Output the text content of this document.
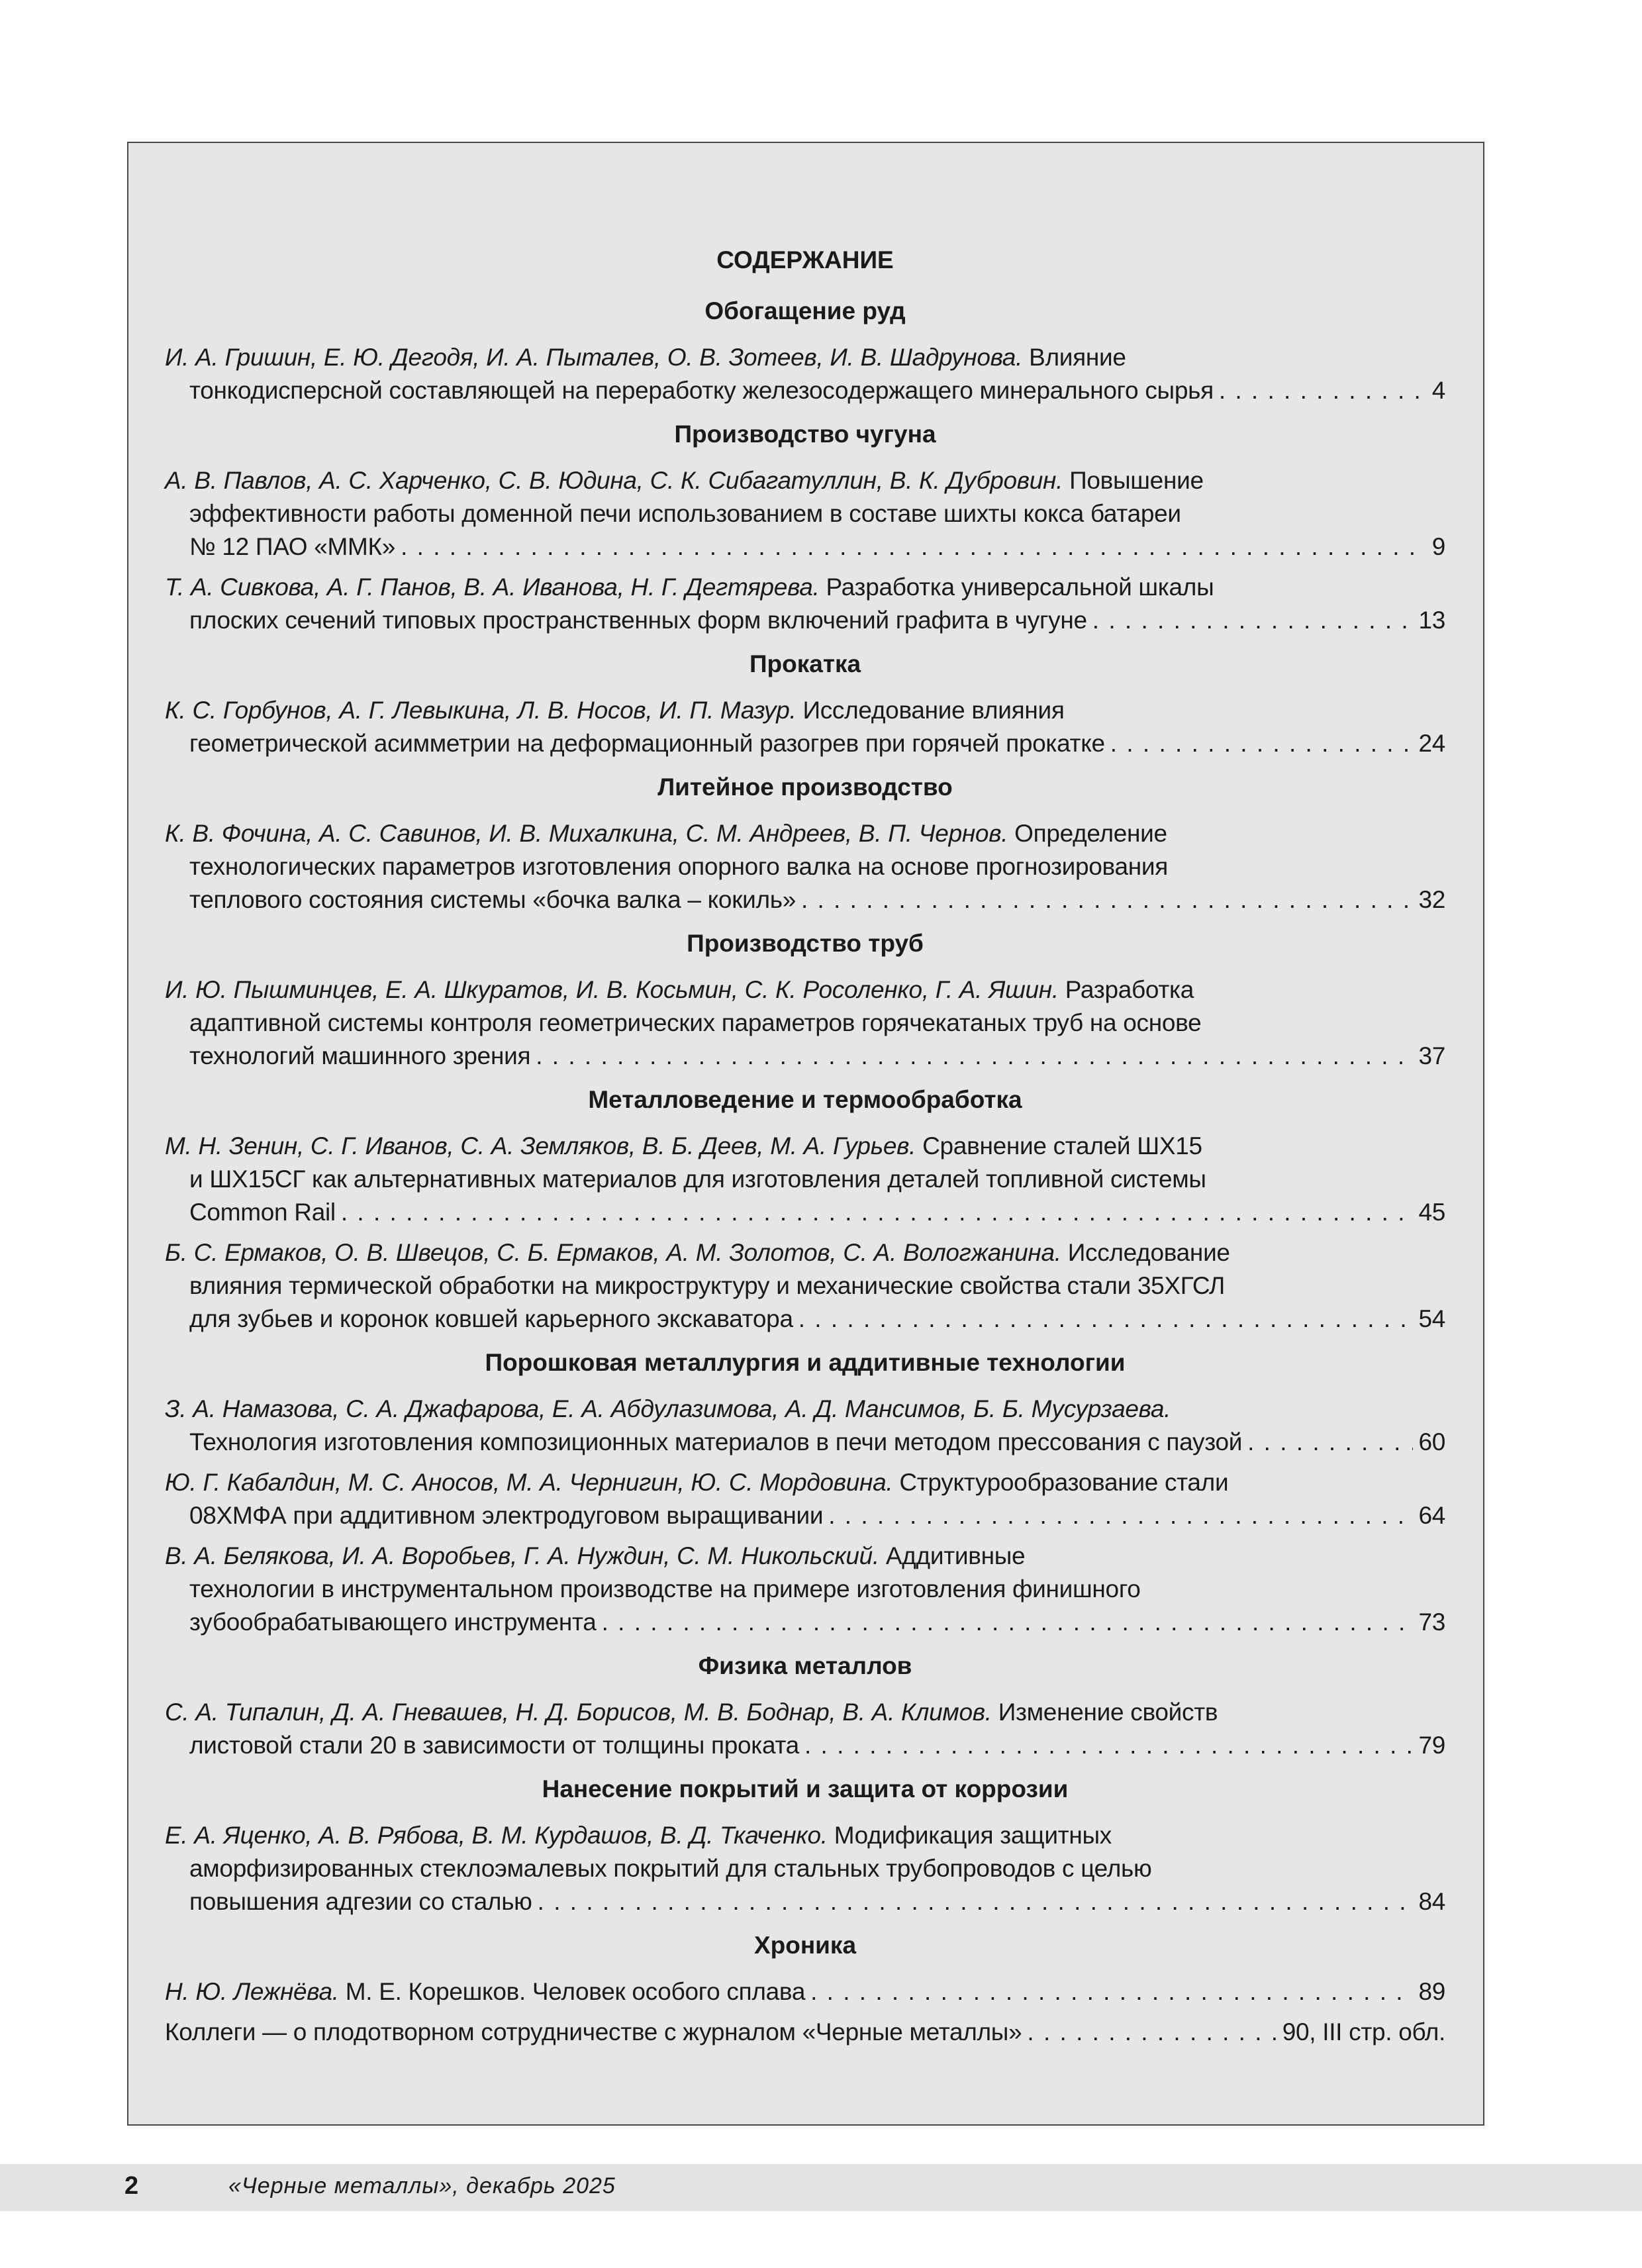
СОДЕРЖАНИЕ
Обогащение руд
И. А. Гришин, Е. Ю. Дегодя, И. А. Пыталев, О. В. Зотеев, И. В. Шадрунова. Влияние
тонкодисперсной составляющей на переработку железосодержащего минерального сырья . . .	4
Производство чугуна
А. В. Павлов, А. С. Харченко, С. В. Юдина, С. К. Сибагатуллин, В. К. Дубровин. Повышение
эффективности работы доменной печи использованием в составе шихты кокса батареи
№ 12 ПАО «ММК» . . .	9
Т. А. Сивкова, А. Г. Панов, В. А. Иванова, Н. Г. Дегтярева. Разработка универсальной шкалы
плоских сечений типовых пространственных форм включений графита в чугуне . . .	13
Прокатка
К. С. Горбунов, А. Г. Левыкина, Л. В. Носов, И. П. Мазур. Исследование влияния
геометрической асимметрии на деформационный разогрев при горячей прокатке . . .	24
Литейное производство
К. В. Фочина, А. С. Савинов, И. В. Михалкина, С. М. Андреев, В. П. Чернов. Определение
технологических параметров изготовления опорного валка на основе прогнозирования
теплового состояния системы «бочка валка – кокиль» . . .	32
Производство труб
И. Ю. Пышминцев, Е. А. Шкуратов, И. В. Косьмин, С. К. Росоленко, Г. А. Яшин. Разработка
адаптивной системы контроля геометрических параметров горячекатаных труб на основе
технологий машинного зрения . . .	37
Металловедение и термообработка
М. Н. Зенин, С. Г. Иванов, С. А. Земляков, В. Б. Деев, М. А. Гурьев. Сравнение сталей ШХ15
и ШХ15СГ как альтернативных материалов для изготовления деталей топливной системы
Common Rail . . .	45
Б. С. Ермаков, О. В. Швецов, С. Б. Ермаков, А. М. Золотов, С. А. Вологжанина. Исследование
влияния термической обработки на микроструктуру и механические свойства стали 35ХГСЛ
для зубьев и коронок ковшей карьерного экскаватора . . .	54
Порошковая металлургия и аддитивные технологии
З. А. Намазова, С. А. Джафарова, Е. А. Абдулазимова, А. Д. Мансимов, Б. Б. Мусурзаева.
Технология изготовления композиционных материалов в печи методом прессования с паузой . . .	60
Ю. Г. Кабалдин, М. С. Аносов, М. А. Чернигин, Ю. С. Мордовина. Структурообразование стали
08ХМФА при аддитивном электродуговом выращивании . . .	64
В. А. Белякова, И. А. Воробьев, Г. А. Нуждин, С. М. Никольский. Аддитивные
технологии в инструментальном производстве на примере изготовления финишного
зубообрабатывающего инструмента . . .	73
Физика металлов
С. А. Типалин, Д. А. Гневашев, Н. Д. Борисов, М. В. Боднар, В. А. Климов. Изменение свойств
листовой стали 20 в зависимости от толщины проката . . .	79
Нанесение покрытий и защита от коррозии
Е. А. Яценко, А. В. Рябова, В. М. Курдашов, В. Д. Ткаченко. Модификация защитных
аморфизированных стеклоэмалевых покрытий для стальных трубопроводов с целью
повышения адгезии со сталью . . .	84
Хроника
Н. Ю. Лежнёва. М. Е. Корешков. Человек особого сплава . . .	89
Коллеги — о плодотворном сотрудничестве с журналом «Черные металлы» . . .	90, III стр. обл.
2	«Черные металлы», декабрь 2025
